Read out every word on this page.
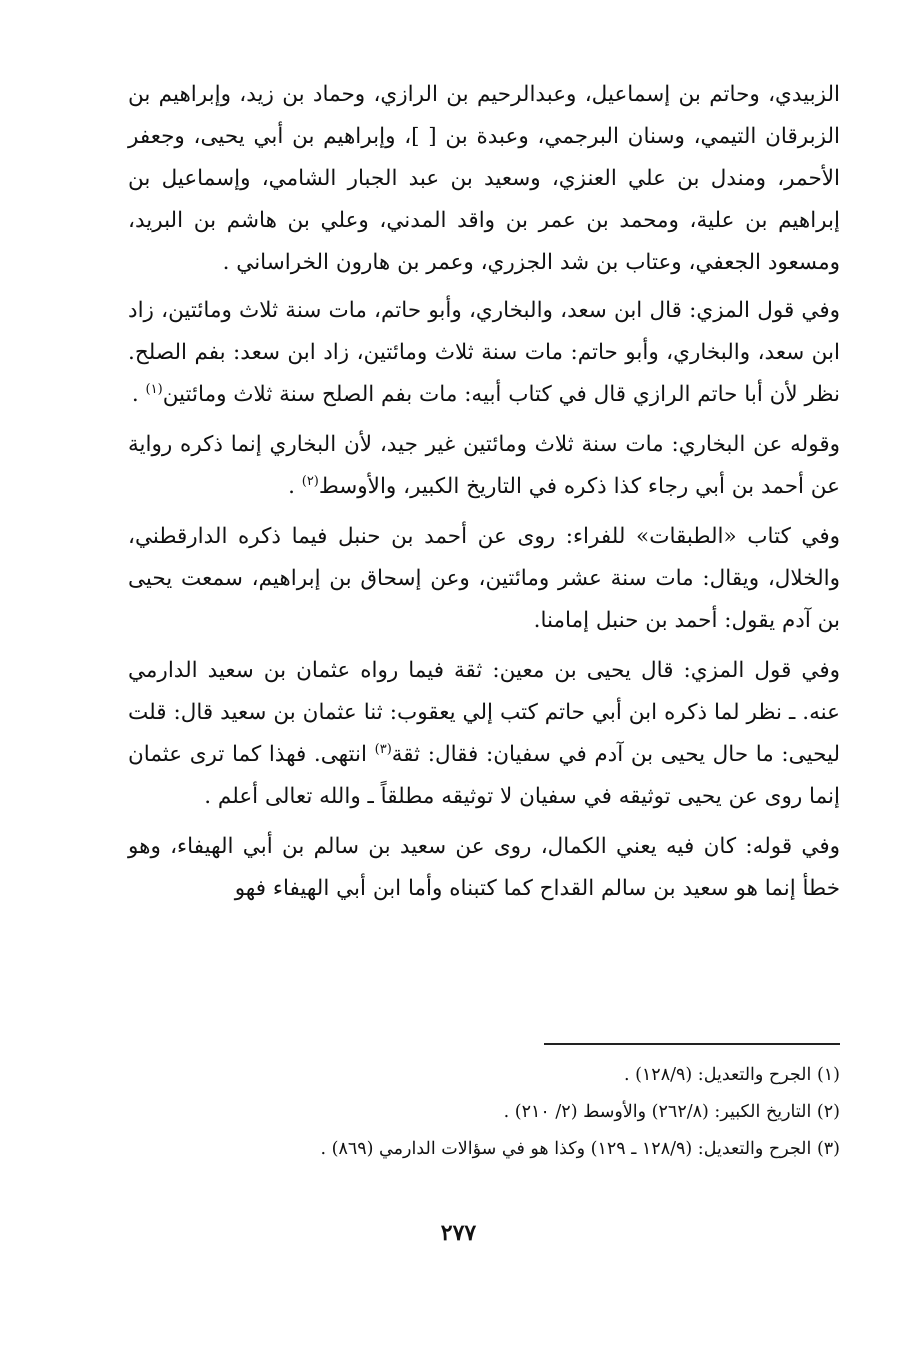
الزبيدي، وحاتم بن إسماعيل، وعبدالرحيم بن الرازي، وحماد بن زيد، وإبراهيم بن الزبرقان التيمي، وسنان البرجمي، وعبدة بن [ ]، وإبراهيم بن أبي يحيى، وجعفر الأحمر، ومندل بن علي العنزي، وسعيد بن عبد الجبار الشامي، وإسماعيل بن إبراهيم بن علية، ومحمد بن عمر بن واقد المدني، وعلي بن هاشم بن البريد، ومسعود الجعفي، وعتاب بن شد الجزري، وعمر بن هارون الخراساني .

وفي قول المزي: قال ابن سعد، والبخاري، وأبو حاتم، مات سنة ثلاث ومائتين، زاد ابن سعد، والبخاري، وأبو حاتم: مات سنة ثلاث ومائتين، زاد ابن سعد: بفم الصلح. نظر لأن أبا حاتم الرازي قال في كتاب أبيه: مات بفم الصلح سنة ثلاث ومائتين$^{(١)}$ .

وقوله عن البخاري: مات سنة ثلاث ومائتين غير جيد، لأن البخاري إنما ذكره رواية عن أحمد بن أبي رجاء كذا ذكره في التاريخ الكبير، والأوسط$^{(٢)}$ .

وفي كتاب «الطبقات» للفراء: روى عن أحمد بن حنبل فيما ذكره الدارقطني، والخلال، ويقال: مات سنة عشر ومائتين، وعن إسحاق بن إبراهيم، سمعت يحيى بن آدم يقول: أحمد بن حنبل إمامنا.

وفي قول المزي: قال يحيى بن معين: ثقة فيما رواه عثمان بن سعيد الدارمي عنه. ـ نظر لما ذكره ابن أبي حاتم كتب إلي يعقوب: ثنا عثمان بن سعيد قال: قلت ليحيى: ما حال يحيى بن آدم في سفيان: فقال: ثقة$^{(٣)}$ انتهى. فهذا كما ترى عثمان إنما روى عن يحيى توثيقه في سفيان لا توثيقه مطلقاً ـ والله تعالى أعلم .

وفي قوله: كان فيه يعني الكمال، روى عن سعيد بن سالم بن أبي الهيفاء، وهو خطأ إنما هو سعيد بن سالم القداح كما كتبناه وأما ابن أبي الهيفاء فهو

(١) الجرح والتعديل: (١٢٨/٩) .

(٢) التاريخ الكبير: (٢٦٢/٨) والأوسط (٢/ ٢١٠) .

(٣) الجرح والتعديل: (١٢٨/٩ ـ ١٢٩) وكذا هو في سؤالات الدارمي (٨٦٩) .

٢٧٧
